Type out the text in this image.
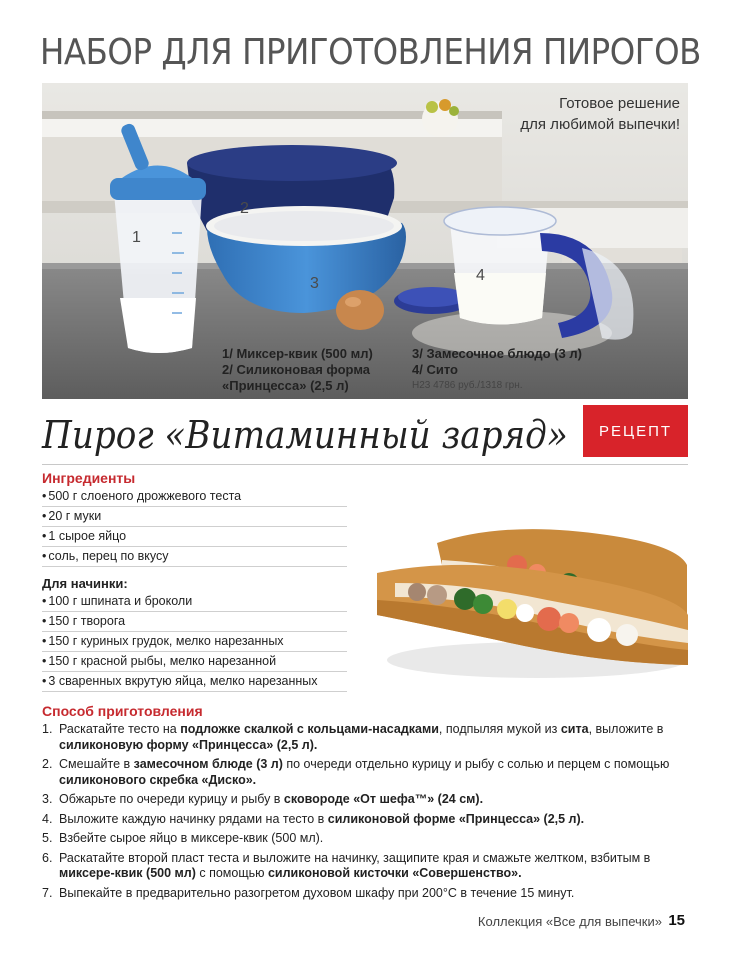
НАБОР ДЛЯ ПРИГОТОВЛЕНИЯ ПИРОГОВ
Готовое решение
для любимой выпечки!
1
2
3	4
1/ Миксер-квик (500 мл)
2/ Силиконовая форма
«Принцесса» (2,5 л)
3/ Замесочное блюдо (3 л)
4/ Сито
H23 4786 руб./1318 грн.
Пирог «Витаминный заряд»	РЕЦЕПТ
Ингредиенты
• 500 г слоеного дрожжевого теста
• 20 г муки
• 1 сырое яйцо
• соль, перец по вкусу
Для начинки:
• 100 г шпината и броколи
• 150 г творога
• 150 г куриных грудок, мелко нарезанных
• 150 г красной рыбы, мелко нарезанной
• 3 сваренных вкрутую яйца, мелко нарезанных
Способ приготовления
1. Раскатайте тесто на подложке скалкой с кольцами-насадками, подпыляя мукой из сита, выложите в силиконовую форму «Принцесса» (2,5 л).
2. Смешайте в замесочном блюде (3 л) по очереди отдельно курицу и рыбу с солью и перцем с помощью силиконового скребка «Диско».
3. Обжарьте по очереди курицу и рыбу в сковороде «От шефа™» (24 см).
4. Выложите каждую начинку рядами на тесто в силиконовой форме «Принцесса» (2,5 л).
5. Взбейте сырое яйцо в миксере-квик (500 мл).
6. Раскатайте второй пласт теста и выложите на начинку, защипите края и смажьте желтком, взбитым в миксере-квик (500 мл) с помощью силиконовой кисточки «Совершенство».
7. Выпекайте в предварительно разогретом духовом шкафу при 200°С в течение 15 минут.
Коллекция «Все для выпечки» 15
